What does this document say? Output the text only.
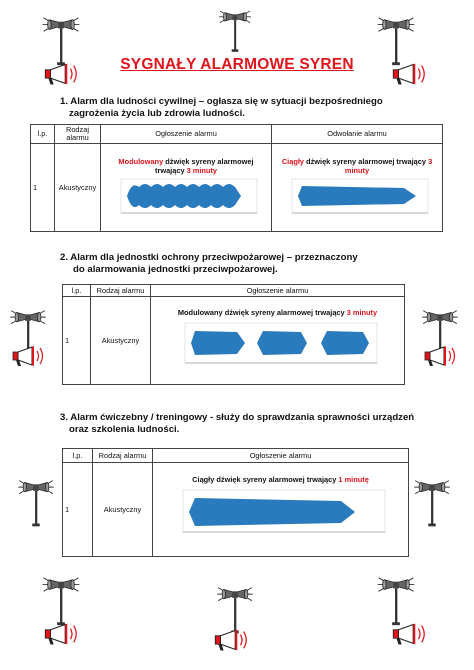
SYGNAŁY ALARMOWE SYREN
1. Alarm dla ludności cywilnej – ogłasza się w sytuacji bezpośredniego
zagrożenia życia lub zdrowia ludności.
l.p.	Rodzaj alarmu	Ogłoszenie alarmu	Odwołanie alarmu
1	Akustyczny	Modulowany dźwięk syreny alarmowej trwający 3 minuty	Ciągły dźwięk syreny alarmowej trwający 3 minuty
2. Alarm dla jednostki ochrony przeciwpożarowej – przeznaczony
do alarmowania jednostki przeciwpożarowej.
l.p.	Rodzaj alarmu	Ogłoszenie alarmu
1	Akustyczny	Modulowany dźwięk syreny alarmowej trwający 3 minuty
3. Alarm ćwiczebny / treningowy - służy do sprawdzania sprawności urządzeń
oraz szkolenia ludności.
l.p.	Rodzaj alarmu	Ogłoszenie alarmu
1	Akustyczny	Ciągły dźwięk syreny alarmowej trwający 1 minutę
